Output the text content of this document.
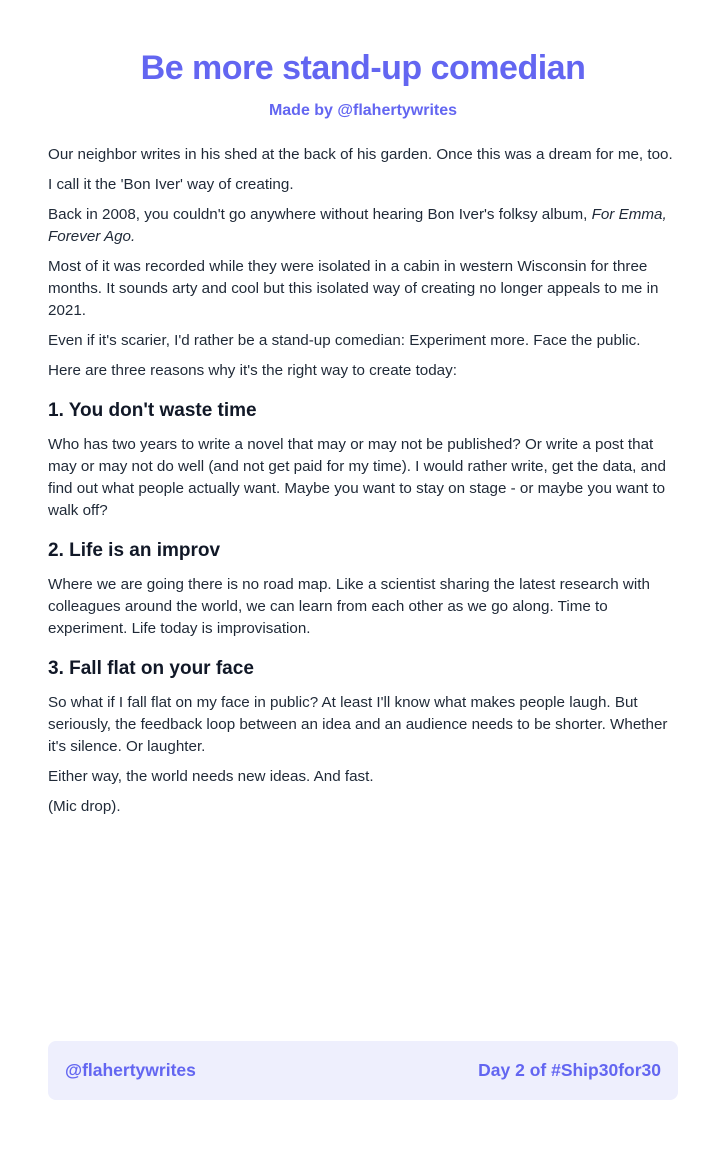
Be more stand-up comedian

Made by @flahertywrites

Our neighbor writes in his shed at the back of his garden. Once this was a dream for me, too.

I call it the 'Bon Iver' way of creating.

Back in 2008, you couldn't go anywhere without hearing Bon Iver's folksy album, For Emma, Forever Ago.

Most of it was recorded while they were isolated in a cabin in western Wisconsin for three months. It sounds arty and cool but this isolated way of creating no longer appeals to me in 2021.

Even if it's scarier, I'd rather be a stand-up comedian: Experiment more. Face the public.

Here are three reasons why it's the right way to create today:

1. You don't waste time

Who has two years to write a novel that may or may not be published? Or write a post that may or may not do well (and not get paid for my time). I would rather write, get the data, and find out what people actually want. Maybe you want to stay on stage - or maybe you want to walk off?

2. Life is an improv

Where we are going there is no road map. Like a scientist sharing the latest research with colleagues around the world, we can learn from each other as we go along. Time to experiment. Life today is improvisation.

3. Fall flat on your face

So what if I fall flat on my face in public? At least I'll know what makes people laugh. But seriously, the feedback loop between an idea and an audience needs to be shorter. Whether it's silence. Or laughter.

Either way, the world needs new ideas. And fast.

(Mic drop).

@flahertywrites	Day 2 of #Ship30for30
